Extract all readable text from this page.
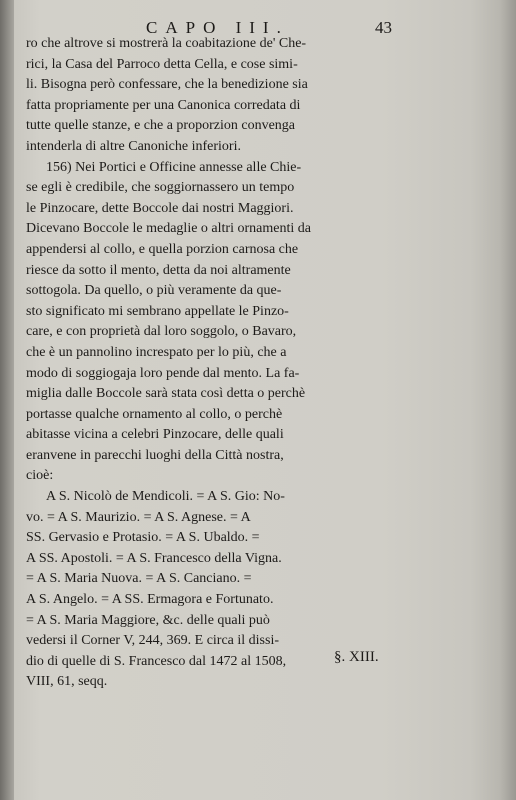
CAPO III.	43
ro che altrove si mostrerà la coabitazione de' Che-
rici, la Casa del Parroco detta Cella, e cose simi-
li. Bisogna però confessare, che la benedizione sia
fatta propriamente per una Canonica corredata di
tutte quelle stanze, e che a proporzion convenga
intenderla di altre Canoniche inferiori.
156) Nei Portici e Officine annesse alle Chie-
se egli è credibile, che soggiornassero un tempo
le Pinzocare, dette Boccole dai nostri Maggiori.
Dicevano Boccole le medaglie o altri ornamenti da
appendersi al collo, e quella porzion carnosa che
riesce da sotto il mento, detta da noi altramente
sottogola. Da quello, o più veramente da que-
sto significato mi sembrano appellate le Pinzo-
care, e con proprietà dal loro soggolo, o Bavaro,
che è un pannolino increspato per lo più, che a
modo di soggiogaja loro pende dal mento. La fa-
miglia dalle Boccole sarà stata così detta o perchè
portasse qualche ornamento al collo, o perchè
abitasse vicina a celebri Pinzocare, delle quali
eranvene in parecchi luoghi della Città nostra,
cioè:
A S. Nicolò de Mendicoli. = A S. Gio: No-
vo. = A S. Maurizio. = A S. Agnese. = A
SS. Gervasio e Protasio. = A S. Ubaldo. =
A SS. Apostoli. = A S. Francesco della Vigna.
= A S. Maria Nuova. = A S. Canciano. =
A S. Angelo. = A SS. Ermagora e Fortunato.
= A S. Maria Maggiore, &c. delle quali può
vedersi il Corner V, 244, 369. E circa il dissi-
dio di quelle di S. Francesco dal 1472 al 1508,
VIII, 61, seqq.
§. XIII.
